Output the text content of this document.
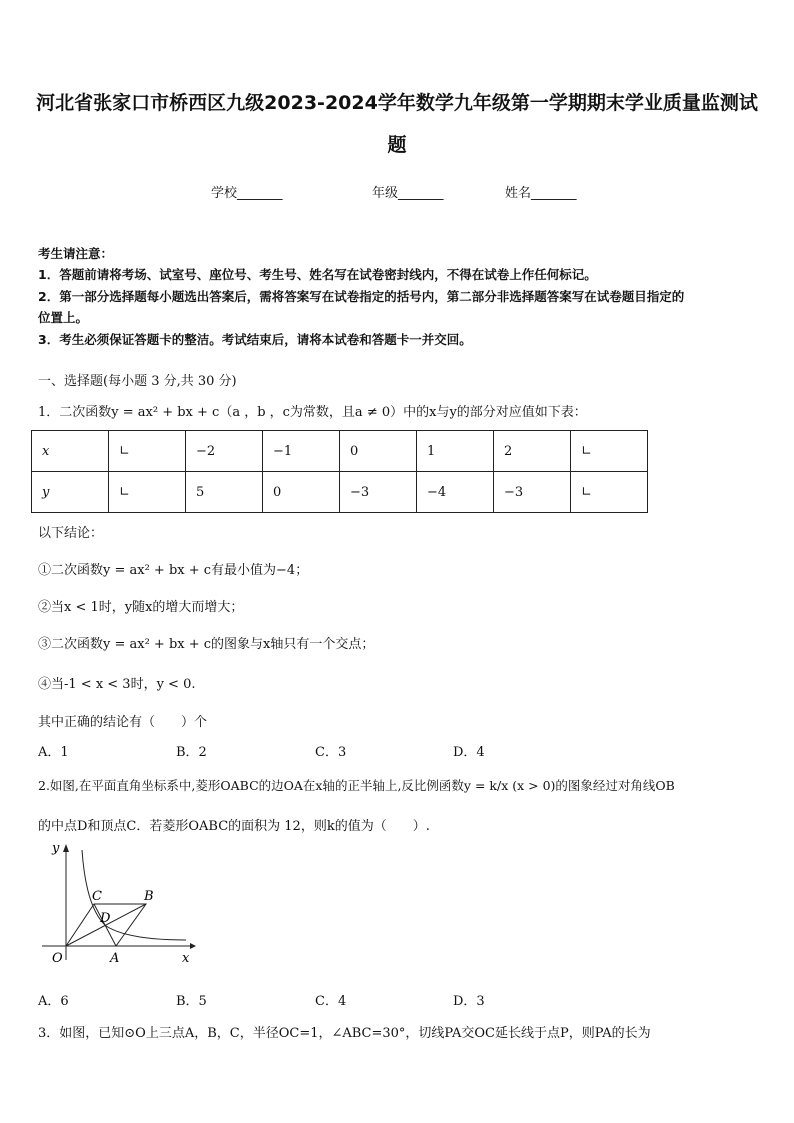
河北省张家口市桥西区九级2023-2024学年数学九年级第一学期期末学业质量监测试
题
学校_______	年级_______	姓名_______
考生请注意：
1．答题前请将考场、试室号、座位号、考生号、姓名写在试卷密封线内，不得在试卷上作任何标记。
2．第一部分选择题每小题选出答案后，需将答案写在试卷指定的括号内，第二部分非选择题答案写在试卷题目指定的
位置上。
3．考生必须保证答题卡的整洁。考试结束后，请将本试卷和答题卡一并交回。
一、选择题(每小题 3 分,共 30 分)
1．二次函数y = ax² + bx + c（a ，b ，c为常数，且a ≠ 0）中的x与y的部分对应值如下表：
x	∟	−2	−1	0	1	2	∟
y	∟	5	0	−3	−4	−3	∟
以下结论：
①二次函数y = ax² + bx + c有最小值为−4；
②当x < 1时，y随x的增大而增大；
③二次函数y = ax² + bx + c的图象与x轴只有一个交点；
④当-1 < x < 3时，y < 0.
其中正确的结论有（　　）个
A．1	B．2	C．3	D．4
2.如图,在平面直角坐标系中,菱形OABC的边OA在x轴的正半轴上,反比例函数y = k/x (x > 0)的图象经过对角线OB
的中点D和顶点C．若菱形OABC的面积为 12，则k的值为（　　）.
y
x
O	A
B
C
D
A．6	B．5	C．4	D．3
3．如图，已知⊙O上三点A，B，C，半径OC=1，∠ABC=30°，切线PA交OC延长线于点P，则PA的长为
